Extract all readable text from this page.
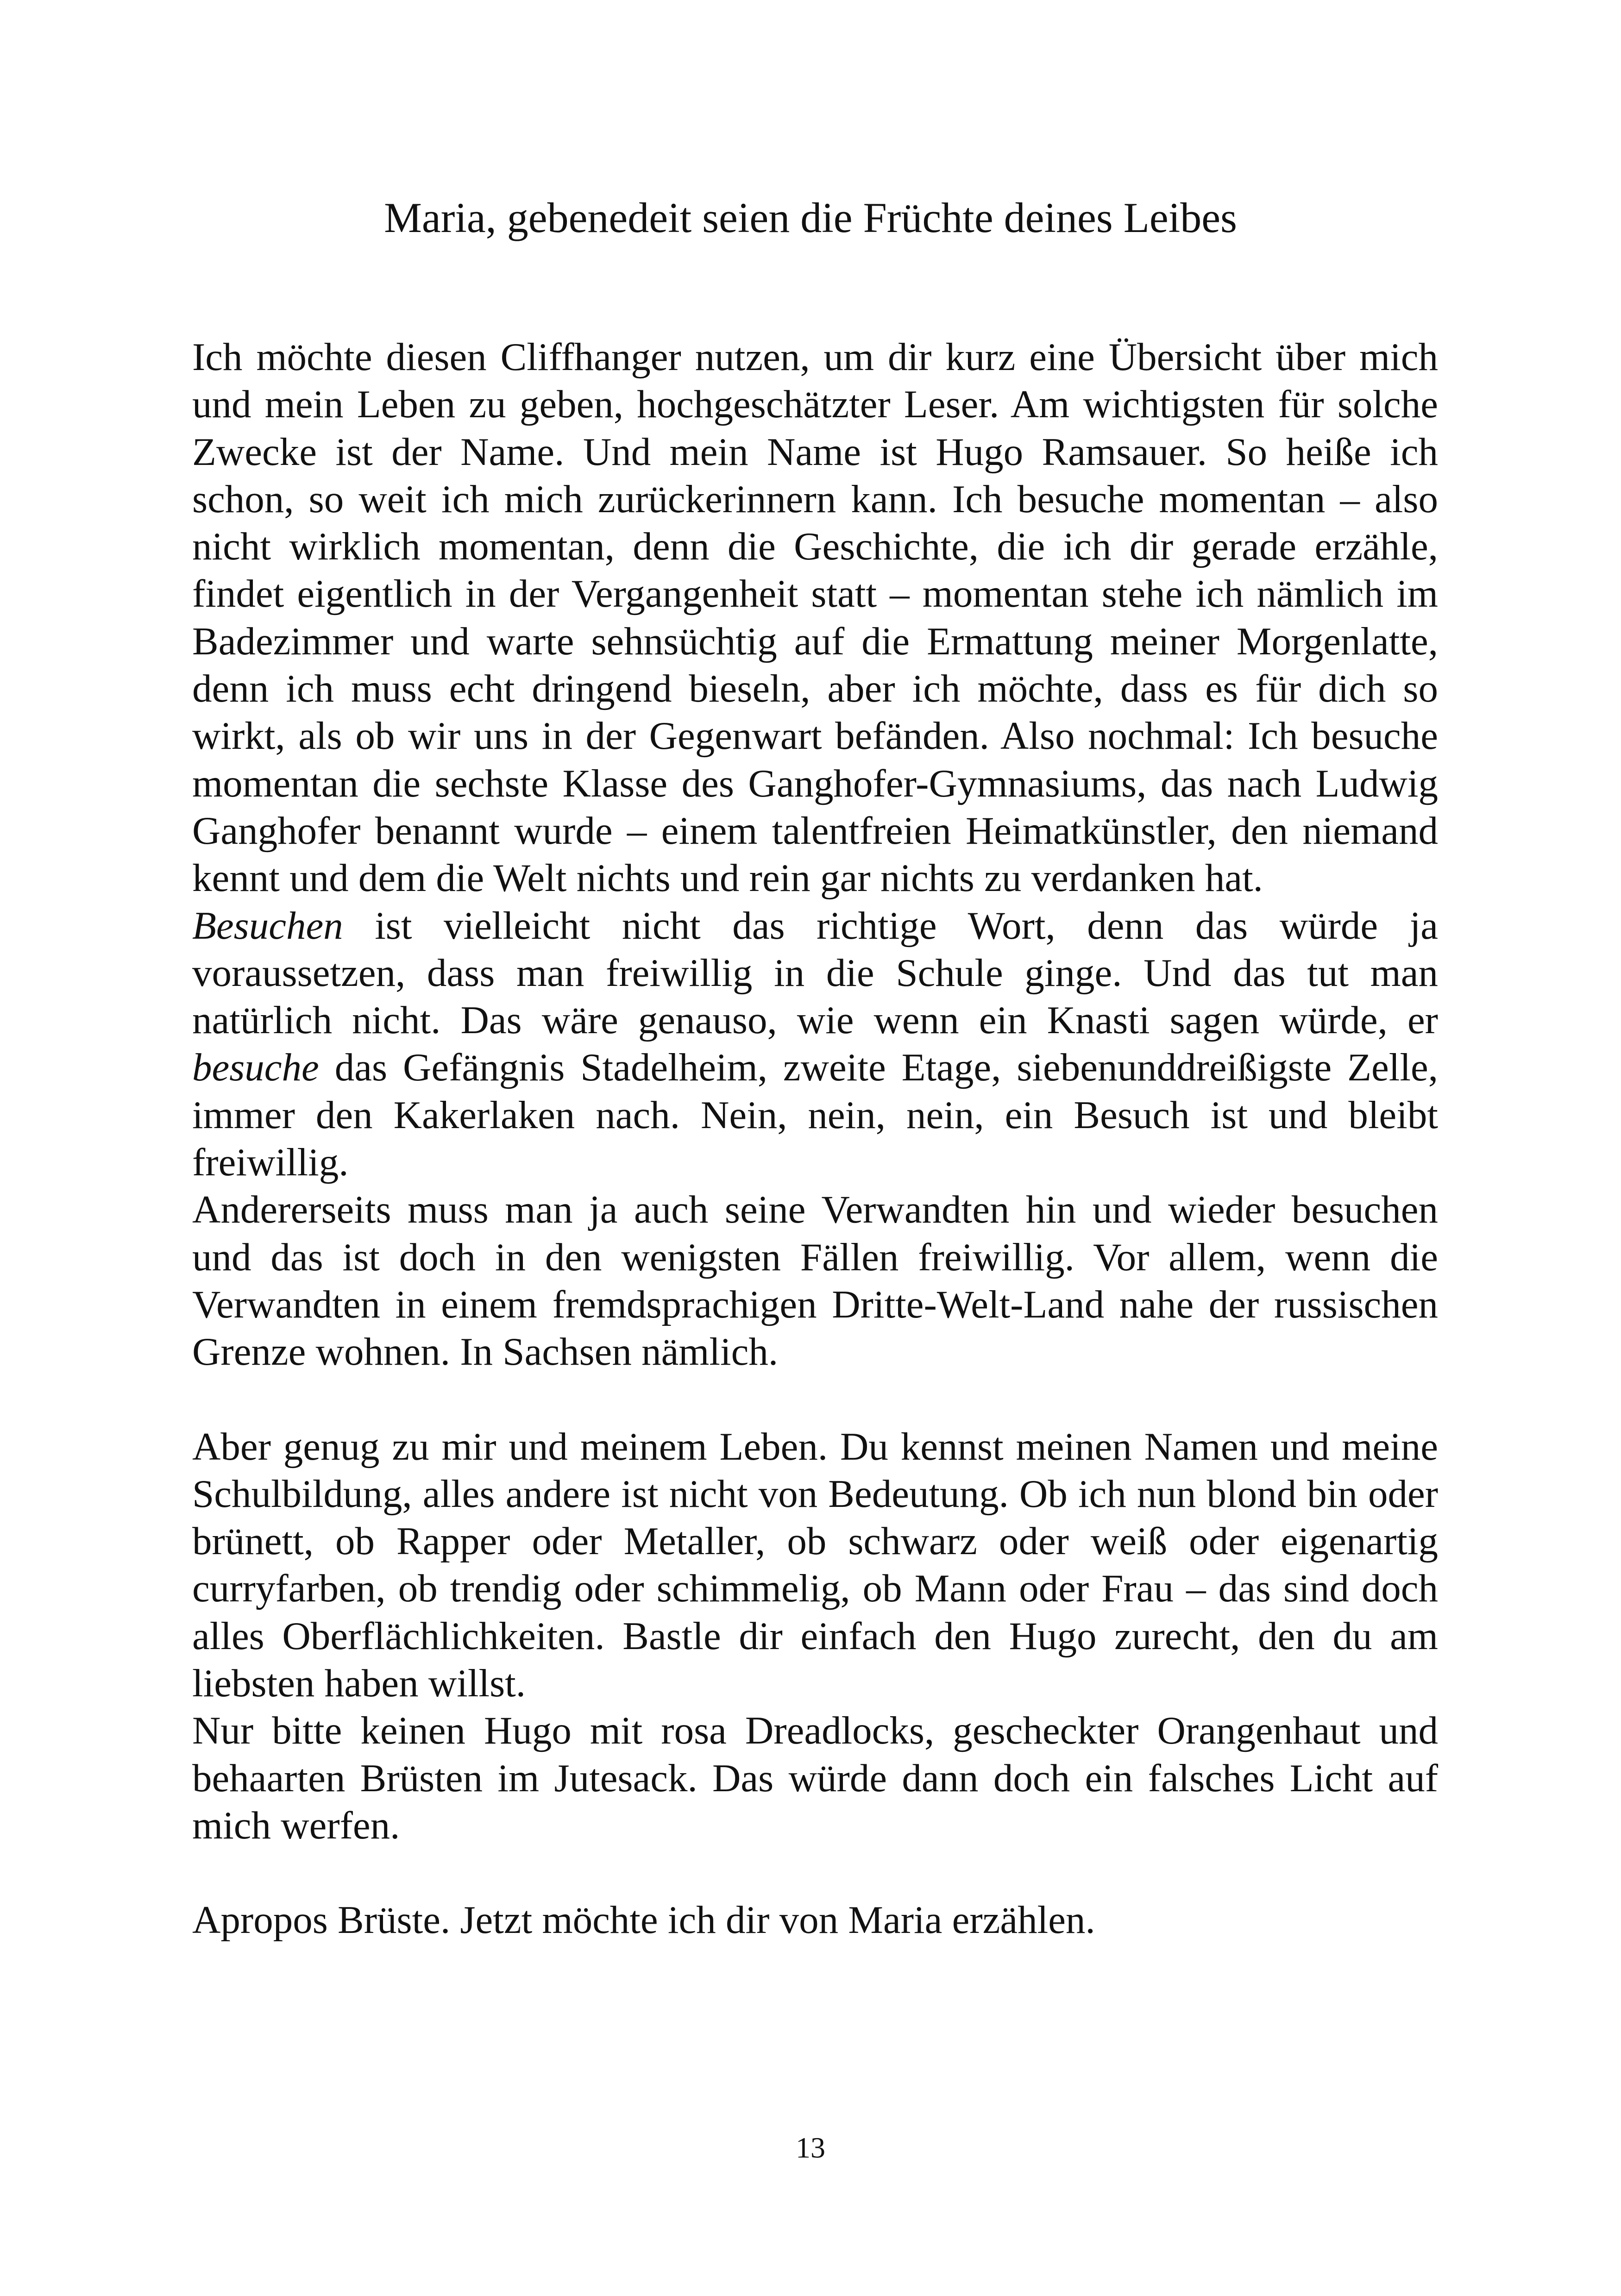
Maria, gebenedeit seien die Früchte deines Leibes

Ich möchte diesen Cliffhanger nutzen, um dir kurz eine Übersicht über mich und mein Leben zu geben, hochgeschätzter Leser. Am wichtigsten für solche Zwecke ist der Name. Und mein Name ist Hugo Ramsauer. So heiße ich schon, so weit ich mich zurückerinnern kann. Ich besuche momentan – also nicht wirklich momentan, denn die Geschichte, die ich dir gerade erzähle, findet eigentlich in der Vergangenheit statt – momentan stehe ich nämlich im Badezimmer und warte sehnsüchtig auf die Ermattung meiner Morgenlatte, denn ich muss echt dringend bieseln, aber ich möchte, dass es für dich so wirkt, als ob wir uns in der Gegenwart befänden. Also nochmal: Ich besuche momentan die sechste Klasse des Ganghofer-Gymnasiums, das nach Ludwig Ganghofer benannt wurde – einem talentfreien Heimatkünstler, den niemand kennt und dem die Welt nichts und rein gar nichts zu verdanken hat.

Besuchen ist vielleicht nicht das richtige Wort, denn das würde ja voraussetzen, dass man freiwillig in die Schule ginge. Und das tut man natürlich nicht. Das wäre genauso, wie wenn ein Knasti sagen würde, er besuche das Gefängnis Stadelheim, zweite Etage, siebenunddreißigste Zelle, immer den Kakerlaken nach. Nein, nein, nein, ein Besuch ist und bleibt freiwillig.

Andererseits muss man ja auch seine Verwandten hin und wieder besuchen und das ist doch in den wenigsten Fällen freiwillig. Vor allem, wenn die Verwandten in einem fremdsprachigen Dritte-Welt-Land nahe der russischen Grenze wohnen. In Sachsen nämlich.

Aber genug zu mir und meinem Leben. Du kennst meinen Namen und meine Schulbildung, alles andere ist nicht von Bedeutung. Ob ich nun blond bin oder brünett, ob Rapper oder Metaller, ob schwarz oder weiß oder eigenartig curryfarben, ob trendig oder schimmelig, ob Mann oder Frau – das sind doch alles Oberflächlichkeiten. Bastle dir einfach den Hugo zurecht, den du am liebsten haben willst.

Nur bitte keinen Hugo mit rosa Dreadlocks, gescheckter Orangenhaut und behaarten Brüsten im Jutesack. Das würde dann doch ein falsches Licht auf mich werfen.

Apropos Brüste. Jetzt möchte ich dir von Maria erzählen.

13
